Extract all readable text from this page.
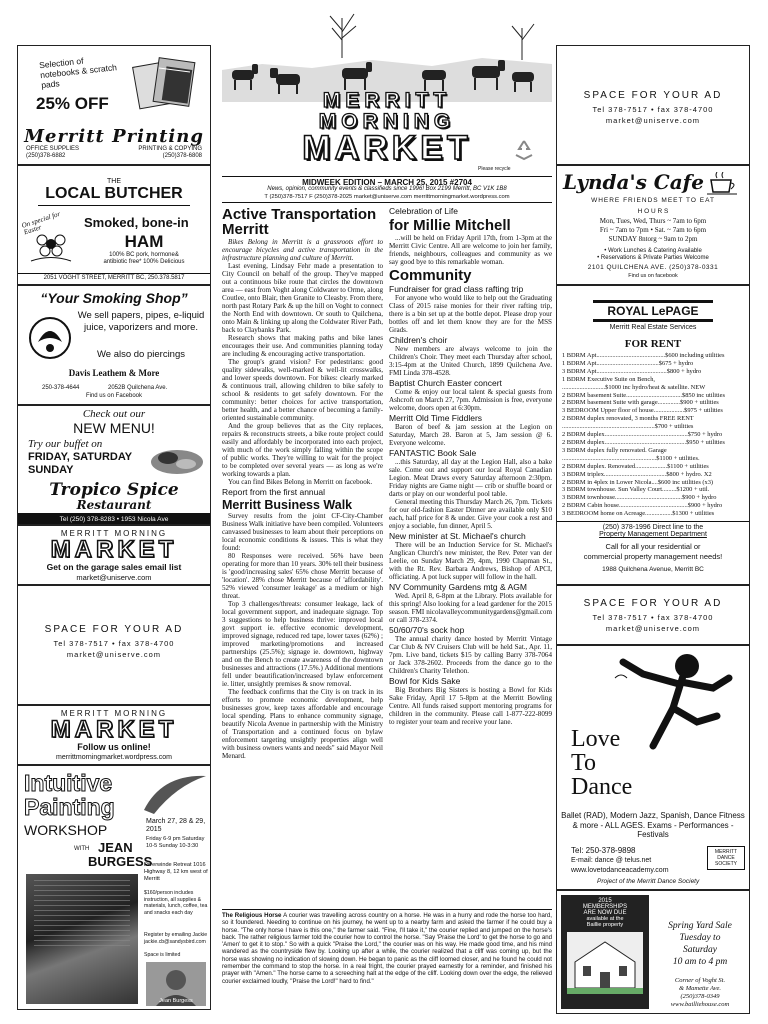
Selection of notebooks & scratch pads
25% OFF
Merritt Printing
OFFICE SUPPLIES	PRINTING & COPYING
(250)378-6882	(250)378-6808
THE
LOCAL BUTCHER
On special for Easter	Smoked, bone-in
HAM
100% BC pork, hormone&
antibiotic free* 100% Delicious
2051 VOGHT STREET, MERRITT BC, 250.378.5817
“Your Smoking Shop”
We sell papers, pipes, e-liquid juice, vaporizers and more.
We also do piercings
Davis Leathem & More
250-378-4644	2052B Quilchena Ave.
Find us on Facebook
Check out our
NEW MENU!
Try our buffet on
FRIDAY, SATURDAY
SUNDAY
Tropico Spice
Restaurant
Tel (250) 378-8283 • 1953 Nicola Ave
MERRITT MORNING
MARKET
Get on the garage sales email list
market@uniserve.com
SPACE FOR YOUR AD
Tel 378-7517 • fax 378-4700
market@uniserve.com
MERRITT MORNING
MARKET
Follow us online!
merrittmorningmarket.wordpress.com
Intuitive
Painting
WORKSHOP
WITH JEAN
BURGESS
March 27, 28 & 29, 2015
Friday 6-9 pm Saturday 10-5 Sunday 10-3:30
Riverwinde Retreat 1016 Highway 8, 12 km west of Merritt
$160/person includes instruction, all supplies & materials, lunch, coffee, tea and snacks each day
Register by emailing Jackie jackie.cb@sandysbird.com
Space is limited
Jean Burgess
MERRITT
MORNING
MARKET
Please recycle
MIDWEEK EDITION – MARCH 25, 2015 #2704
News, opinion, community events & classifieds since 1996! Box 2199 Merritt, BC V1K 1B8
T (250)378-7517 F (250)378-2025 market@uniserve.com merrittmorningmarket.wordpress.com
Active Transportation Merritt

Bikes Belong in Merritt is a grassroots effort to encourage bicycles and active transportation in the infrastructure planning and culture of Merritt.

Last evening, Lindsay Fehr made a presentation to City Council on behalf of the group. They've mapped out a continuous bike route that circles the downtown area — east from Voght along Coldwater to Orme, along Coutlee, onto Blair, then Granite to Cleasby. From there, north past Rotary Park & up the hill on Voght to connect the North End with downtown. Or south to Quilchena, onto Main & linking up along the Coldwater River Path, back to Claybanks Park.

Research shows that making paths and bike lanes encourages their use. And communities planning today are including & encouraging active transportation.

The group's grand vision? For pedestrians: good quality sidewalks, well-marked & well-lit crosswalks, and lower speeds downtown. For bikes: clearly marked & continuous trail, allowing children to bike safely to school & residents to get safely downtown. For the community: better choices for active transportation, better health, and a better chance of becoming a family-oriented sustainable community.

And the group believes that as the City replaces, repairs & reconstructs streets, a bike route project could easily and affordably be incorporated into each project, with much of the work simply falling within the scope of public works. They're willing to wait for the project to be completed over several years — as long as we're working towards a plan.

You can find Bikes Belong in Merritt on facebook.

Report from the first annual
Merritt Business Walk

Survey results from the joint CF-City-Chamber Business Walk initiative have been compiled. Volunteers canvassed businesses to learn about their perceptions on local economic conditions & issues. This is what they found:

80 Responses were received. 56% have been operating for more than 10 years. 30% tell their business is 'good/increasing sales' 65% chose Merritt because of 'location'. 28% chose Merritt because of 'affordability'. 52% viewed 'consumer leakage' as a medium or high threat.

Top 3 challenges/threats: consumer leakage, lack of local government support, and inadequate signage. Top 3 suggestions to help business thrive: improved local govt support ie. effective economic development, improved signage, reduced red tape, lower taxes (62%) ; improved marketing/promotions and increased partnerships (25.5%); signage ie. downtown, highway and on the Bench to create awareness of the downtown businesses and attractions (17.5%.) Additional mentions fell under beautification/increased bylaw enforcement ie. litter, unsightly premises & snow removal.

The feedback confirms that the City is on track in its efforts to promote economic development, help businesses grow, keep taxes affordable and encourage local spending. Plans to enhance community signage, beautify Nicola Avenue in partnership with the Ministry of Transportation and a continued focus on bylaw enforcement targeting unsightly properties align well with business owners wants and needs" said Mayor Neil Menard.

Celebration of Life
for Millie Mitchell

...will be held on Friday April 17th, from 1-3pm at the Merritt Civic Centre. All are welcome to join her family, friends, neighbours, colleagues and community as we say good bye to this remarkable woman.

Community
Fundraiser for grad class rafting trip

For anyone who would like to help out the Graduating Class of 2015 raise monies for their river rafting trip, there is a bin set up at the bottle depot. Please drop your bottles off and let them know they are for the MSS Grads.

Children's choir

New members are always welcome to join the Children's Choir. They meet each Thursday after school, 3:15-4pm at the United Church, 1899 Quilchena Ave. FMI Linda 378-4528.

Baptist Church Easter concert

Come & enjoy our local talent & special guests from Ashcroft on March 27, 7pm. Admission is free, everyone welcome, doors open at 6:30pm.

Merritt Old Time Fiddlers

Baron of beef & jam session at the Legion on Saturday, March 28. Baron at 5, Jam session @ 6. Everyone welcome.

FANTASTIC Book Sale

...this Saturday, all day at the Legion Hall, also a bake sale. Come out and support our local Royal Canadian Legion. Meat Draws every Saturday afternoon 2:30pm. Friday nights are Game night — crib or shuffle board or darts or play on our wonderful pool table.

General meeting this Thursday March 26, 7pm. Tickets for our old-fashion Easter Dinner are available only $10 each, half price for 8 & under. Give your cook a rest and enjoy a sociable, fun dinner, April 5.

New minister at St. Michael's church

There will be an Induction Service for St. Michael's Anglican Church's new minister, the Rev. Peter van der Leelie, on Sunday March 29, 4pm, 1990 Chapman St., with the Rt. Rev. Barbara Andrews, Bishop of APCI, officiating. A pot luck supper will follow in the hall.

NV Community Gardens mtg & AGM

Wed. April 8, 6-8pm at the Library. Plots available for this spring! Also looking for a lead gardener for the 2015 season. FMI nicolavalleycommunitygardens@gmail.com or call 378-2374.

50/60/70's sock hop

The annual charity dance hosted by Merritt Vintage Car Club & NV Cruisers Club will be held Sat., Apr. 11, 7pm. Live band, tickets $15 by calling Barry 378-7064 or Jack 378-2602. Proceeds from the dance go to the Children's Charity Telethon.

Bowl for Kids Sake

Big Brothers Big Sisters is hosting a Bowl for Kids Sake Friday, April 17 5-8pm at the Merritt Bowling Centre. All funds raised support mentoring programs for children in the community. Please call 1-877-222-8099 to register your team and receive your lane.

The Religious Horse A courier was travelling across country on a horse. He was in a hurry and rode the horse too hard, so it foundered. Needing to continue on his journey, he went up to a nearby farm and asked the farmer if he could buy a horse. "The only horse I have is this one," the farmer said. "Fine, I'll take it," the courier replied and jumped on the horse's back. The rather religious farmer told the courier how to control the horse. "Say 'Praise the Lord' to get the horse to go and 'Amen' to get it to stop." So with a quick "Praise the Lord," the courier was on his way. He made good time, and his mind wandered as the countryside flew by. Looking up after a while, the courier realized that a cliff was coming up, but the horse was showing no indication of slowing down. He began to panic as the cliff loomed closer, and he found he could not remember the command to stop the horse. In a real fright, the courier prayed earnestly for a reminder, and finished his prayer with "Amen." The horse came to a screeching halt at the edge of the cliff. Looking down over the edge, the relieved courier exclaimed loudly, "Praise the Lord!" hard to find."
SPACE FOR YOUR AD
Tel 378-7517 • fax 378-4700
market@uniserve.com
Lynda's Cafe
WHERE FRIENDS MEET TO EAT
H O U R S
Mon, Tues, Wed, Thurs ~ 7am to 6pm
Fri ~ 7am to 7pm • Sat. ~ 7am to 6pm
SUNDAY 8ntorg ~ 9am to 2pm
• Work Lunches & Catering Available
• Reservations & Private Parties Welcome
2101 QUILCHENA AVE. (250)378-0331
Find us on facebook
ROYAL LePAGE
Merritt Real Estate Services
FOR RENT
1 BDRM Apt...........................................$600 including utilities
1 BDRM Apt.......................................$675 + hydro
3 BDRM Apt............................................$800 + hydro
1 BDRM Executive Suite on Bench,
...........................$1000 inc hydro/heat & satellite. NEW
2 BDRM basement Suite...................................$850 inc utilities
2 BDRM basement Suite with garage..............$900 + utilities
3 BEDROOM Upper floor of house...................$975 + utilities
2 BDRM duplex renovated, 3 months FREE RENT
..........................................................$700 + utilities
2 BDRM duplex....................................................$750 + hydro
2 BDRM duplex...................................................$950 + utilities
3 BDRM duplex fully renovated. Garage
...........................................................$1100 + utilities.
2 BDRM duplex. Renovated....................$1100 + utilities
3 BDRM triplex.......................................$800 + hydro. X2
2 BDRM in 4plex in Lower Nicola....$600 inc utilities (x3)
3 BDRM townhouse. Sun Valley Court.........$1200 + util.
3 BDRM townhouse..........................................$900 + hydro
2 BDRM Cabin house...........................................$900 + hydro
3 BEDROOM home on Acreage.................$1300 + utilities
(250) 378-1996 Direct line to the
Property Management Department
Call for all your residential or
commercial property management needs!
1988 Quilchena Avenue, Merritt BC
SPACE FOR YOUR AD
Tel 378-7517 • fax 378-4700
market@uniserve.com
Love
To
Dance
Ballet (RAD), Modern Jazz, Spanish, Dance Fitness & more - ALL AGES. Exams - Performances - Festivals
Tel: 250-378-9898
E-mail: dance @ telus.net
www.lovetodanceacademy.com
Project of the Merritt Dance Society
MERRITT DANCE SOCIETY
2015
MEMBERSHIPS
ARE NOW DUE
available at the
Baillie property	Spring Yard Sale
Tuesday to
Saturday
10 am to 4 pm
Corner of Voght St.
& Mamette Ave.
(250)378-0349
www.bailliehouse.com
